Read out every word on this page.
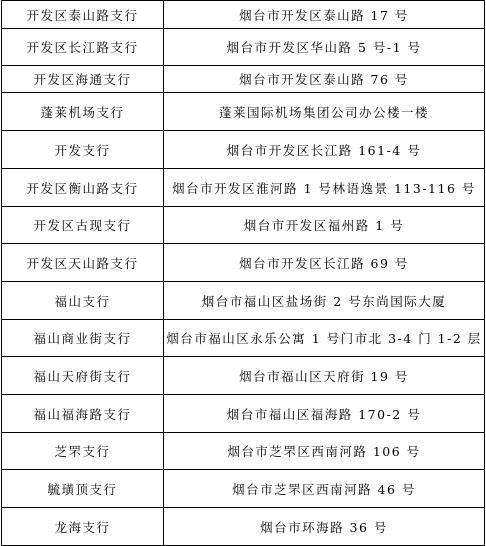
开发区泰山路支行	烟台市开发区泰山路 17 号
开发区长江路支行	烟台市开发区华山路 5 号-1 号
开发区海通支行	烟台市开发区泰山路 76 号
蓬莱机场支行	蓬莱国际机场集团公司办公楼一楼
开发支行	烟台市开发区长江路 161-4 号
开发区衡山路支行	烟台市开发区淮河路 1 号林语逸景 113-116 号
开发区古现支行	烟台市开发区福州路 1 号
开发区天山路支行	烟台市开发区长江路 69 号
福山支行	烟台市福山区盐场街 2 号东尚国际大厦
福山商业街支行	烟台市福山区永乐公寓 1 号门市北 3-4 门 1-2 层
福山天府街支行	烟台市福山区天府街 19 号
福山福海路支行	烟台市福山区福海路 170-2 号
芝罘支行	烟台市芝罘区西南河路 106 号
毓璜顶支行	烟台市芝罘区西南河路 46 号
龙海支行	烟台市环海路 36 号
